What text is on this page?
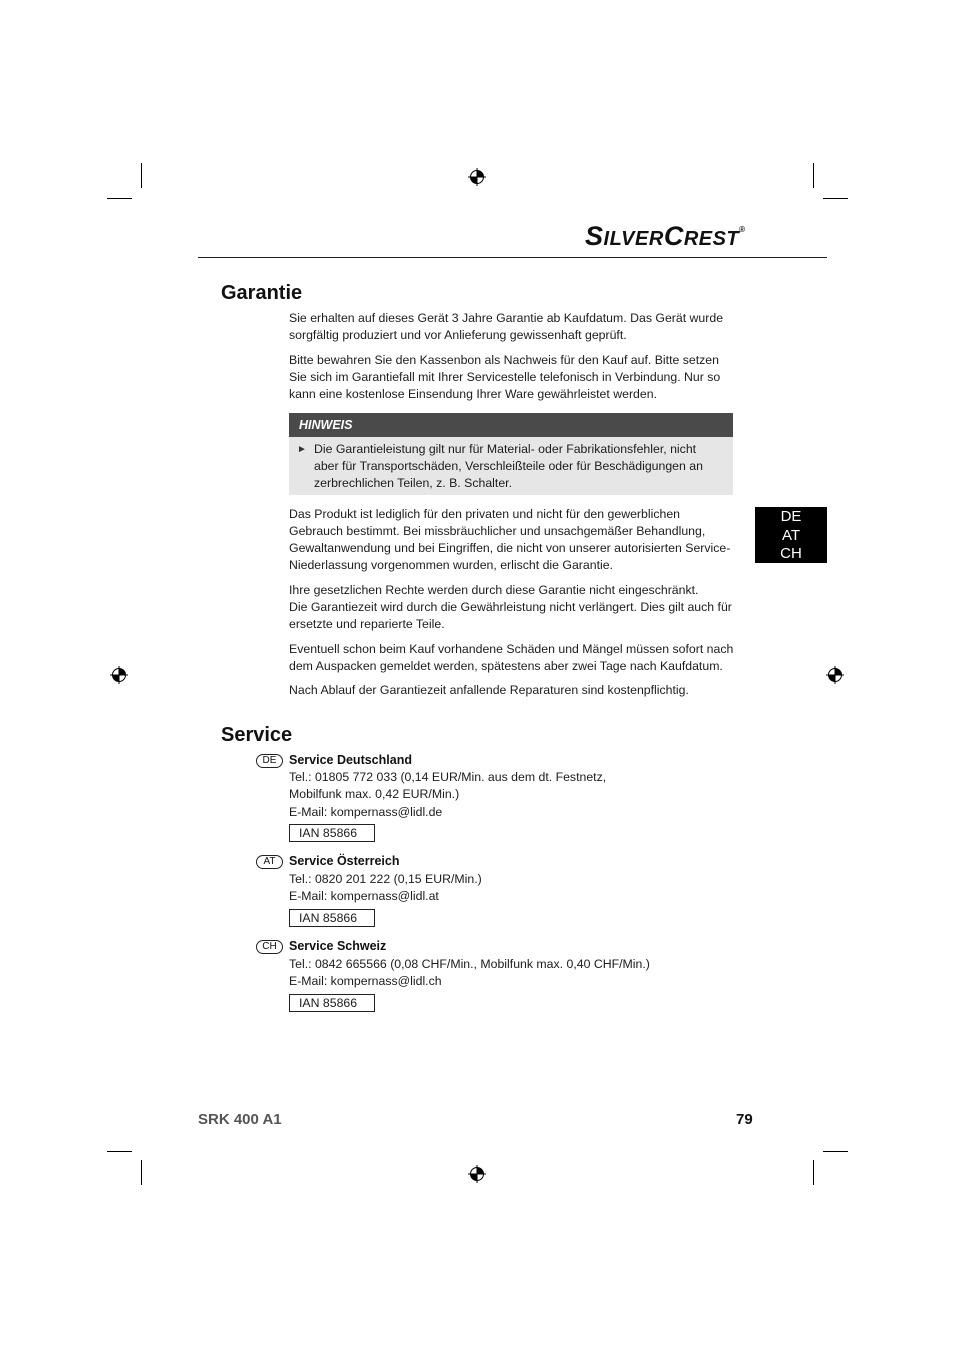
SILVERCREST®
Garantie

Sie erhalten auf dieses Gerät 3 Jahre Garantie ab Kaufdatum. Das Gerät wurde sorgfältig produziert und vor Anlieferung gewissenhaft geprüft.

Bitte bewahren Sie den Kassenbon als Nachweis für den Kauf auf. Bitte setzen Sie sich im Garantiefall mit Ihrer Servicestelle telefonisch in Verbindung. Nur so kann eine kostenlose Einsendung Ihrer Ware gewährleistet werden.

HINWEIS
► Die Garantieleistung gilt nur für Material- oder Fabrikationsfehler, nicht aber für Transportschäden, Verschleißteile oder für Beschädigungen an zerbrechlichen Teilen, z. B. Schalter.

Das Produkt ist lediglich für den privaten und nicht für den gewerblichen Gebrauch bestimmt. Bei missbräuchlicher und unsachgemäßer Behandlung, Gewaltanwendung und bei Eingriffen, die nicht von unserer autorisierten Service-Niederlassung vorgenommen wurden, erlischt die Garantie.

Ihre gesetzlichen Rechte werden durch diese Garantie nicht eingeschränkt.

Die Garantiezeit wird durch die Gewährleistung nicht verlängert. Dies gilt auch für ersetzte und reparierte Teile.

Eventuell schon beim Kauf vorhandene Schäden und Mängel müssen sofort nach dem Auspacken gemeldet werden, spätestens aber zwei Tage nach Kaufdatum.

Nach Ablauf der Garantiezeit anfallende Reparaturen sind kostenpflichtig.

DE
AT
CH
Service
DE	Service Deutschland
Tel.: 01805 772 033 (0,14 EUR/Min. aus dem dt. Festnetz,
Mobilfunk max. 0,42 EUR/Min.)
E-Mail: kompernass@lidl.de
IAN 85866
AT	Service Österreich
Tel.: 0820 201 222 (0,15 EUR/Min.)
E-Mail: kompernass@lidl.at
IAN 85866
CH Service Schweiz
Tel.: 0842 665566 (0,08 CHF/Min., Mobilfunk max. 0,40 CHF/Min.)
E-Mail: kompernass@lidl.ch
IAN 85866
SRK 400 A1	79
